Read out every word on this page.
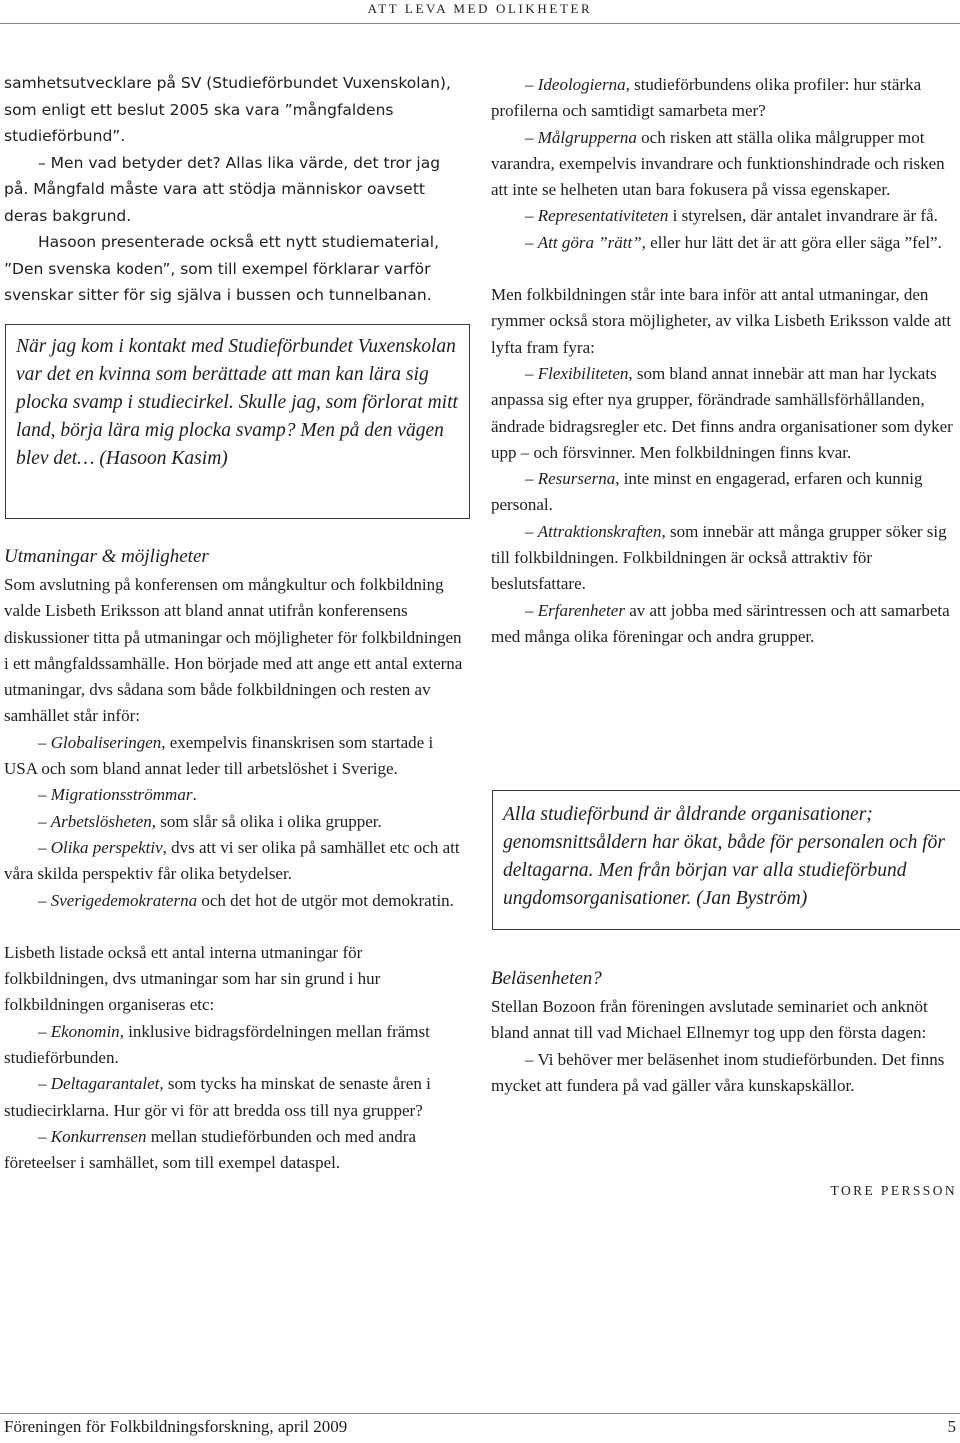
ATT LEVA MED OLIKHETER

samhetsutvecklare på SV (Studieförbundet Vuxenskolan), som enligt ett beslut 2005 ska vara ”mångfaldens studieförbund”.

– Men vad betyder det? Allas lika värde, det tror jag på. Mångfald måste vara att stödja människor oavsett deras bakgrund.

Hasoon presenterade också ett nytt studiematerial, ”Den svenska koden”, som till exempel förklarar varför svenskar sitter för sig själva i bussen och tunnelbanan.

När jag kom i kontakt med Studieförbundet Vuxenskolan var det en kvinna som berättade att man kan lära sig plocka svamp i studiecirkel. Skulle jag, som förlorat mitt land, börja lära mig plocka svamp? Men på den vägen blev det… (Hasoon Kasim)

Utmaningar & möjligheter

Som avslutning på konferensen om mångkultur och folkbildning valde Lisbeth Eriksson att bland annat utifrån konferensens diskussioner titta på utmaningar och möjligheter för folkbildningen i ett mångfaldssamhälle. Hon började med att ange ett antal externa utmaningar, dvs sådana som både folkbildningen och resten av samhället står inför:

– Globaliseringen, exempelvis finanskrisen som startade i USA och som bland annat leder till arbetslöshet i Sverige.

– Migrationsströmmar.

– Arbetslösheten, som slår så olika i olika grupper.

– Olika perspektiv, dvs att vi ser olika på samhället etc och att våra skilda perspektiv får olika betydelser.

– Sverigedemokraterna och det hot de utgör mot demokratin.

Lisbeth listade också ett antal interna utmaningar för folkbildningen, dvs utmaningar som har sin grund i hur folkbildningen organiseras etc:

– Ekonomin, inklusive bidragsfördelningen mellan främst studieförbunden.

– Deltagarantalet, som tycks ha minskat de senaste åren i studiecirklarna. Hur gör vi för att bredda oss till nya grupper?

– Konkurrensen mellan studieförbunden och med andra företeelser i samhället, som till exempel dataspel.

– Ideologierna, studieförbundens olika profiler: hur stärka profilerna och samtidigt samarbeta mer?

– Målgrupperna och risken att ställa olika målgrupper mot varandra, exempelvis invandrare och funktionshindrade och risken att inte se helheten utan bara fokusera på vissa egenskaper.

– Representativiteten i styrelsen, där antalet invandrare är få.

– Att göra ”rätt”, eller hur lätt det är att göra eller säga ”fel”.

Men folkbildningen står inte bara inför att antal utmaningar, den rymmer också stora möjligheter, av vilka Lisbeth Eriksson valde att lyfta fram fyra:

– Flexibiliteten, som bland annat innebär att man har lyckats anpassa sig efter nya grupper, förändrade samhällsförhållanden, ändrade bidragsregler etc. Det finns andra organisationer som dyker upp – och försvinner. Men folkbildningen finns kvar.

– Resurserna, inte minst en engagerad, erfaren och kunnig personal.

– Attraktionskraften, som innebär att många grupper söker sig till folkbildningen. Folkbildningen är också attraktiv för beslutsfattare.

– Erfarenheter av att jobba med särintressen och att samarbeta med många olika föreningar och andra grupper.

Alla studieförbund är åldrande organisationer; genomsnittsåldern har ökat, både för personalen och för deltagarna. Men från början var alla studieförbund ungdomsorganisationer. (Jan Byström)

Beläsenheten?

Stellan Bozoon från föreningen avslutade seminariet och anknöt bland annat till vad Michael Ellnemyr tog upp den första dagen:

– Vi behöver mer beläsenhet inom studieförbunden. Det finns mycket att fundera på vad gäller våra kunskapskällor.

TORE PERSSON
Föreningen för Folkbildningsforskning, april 2009	5
